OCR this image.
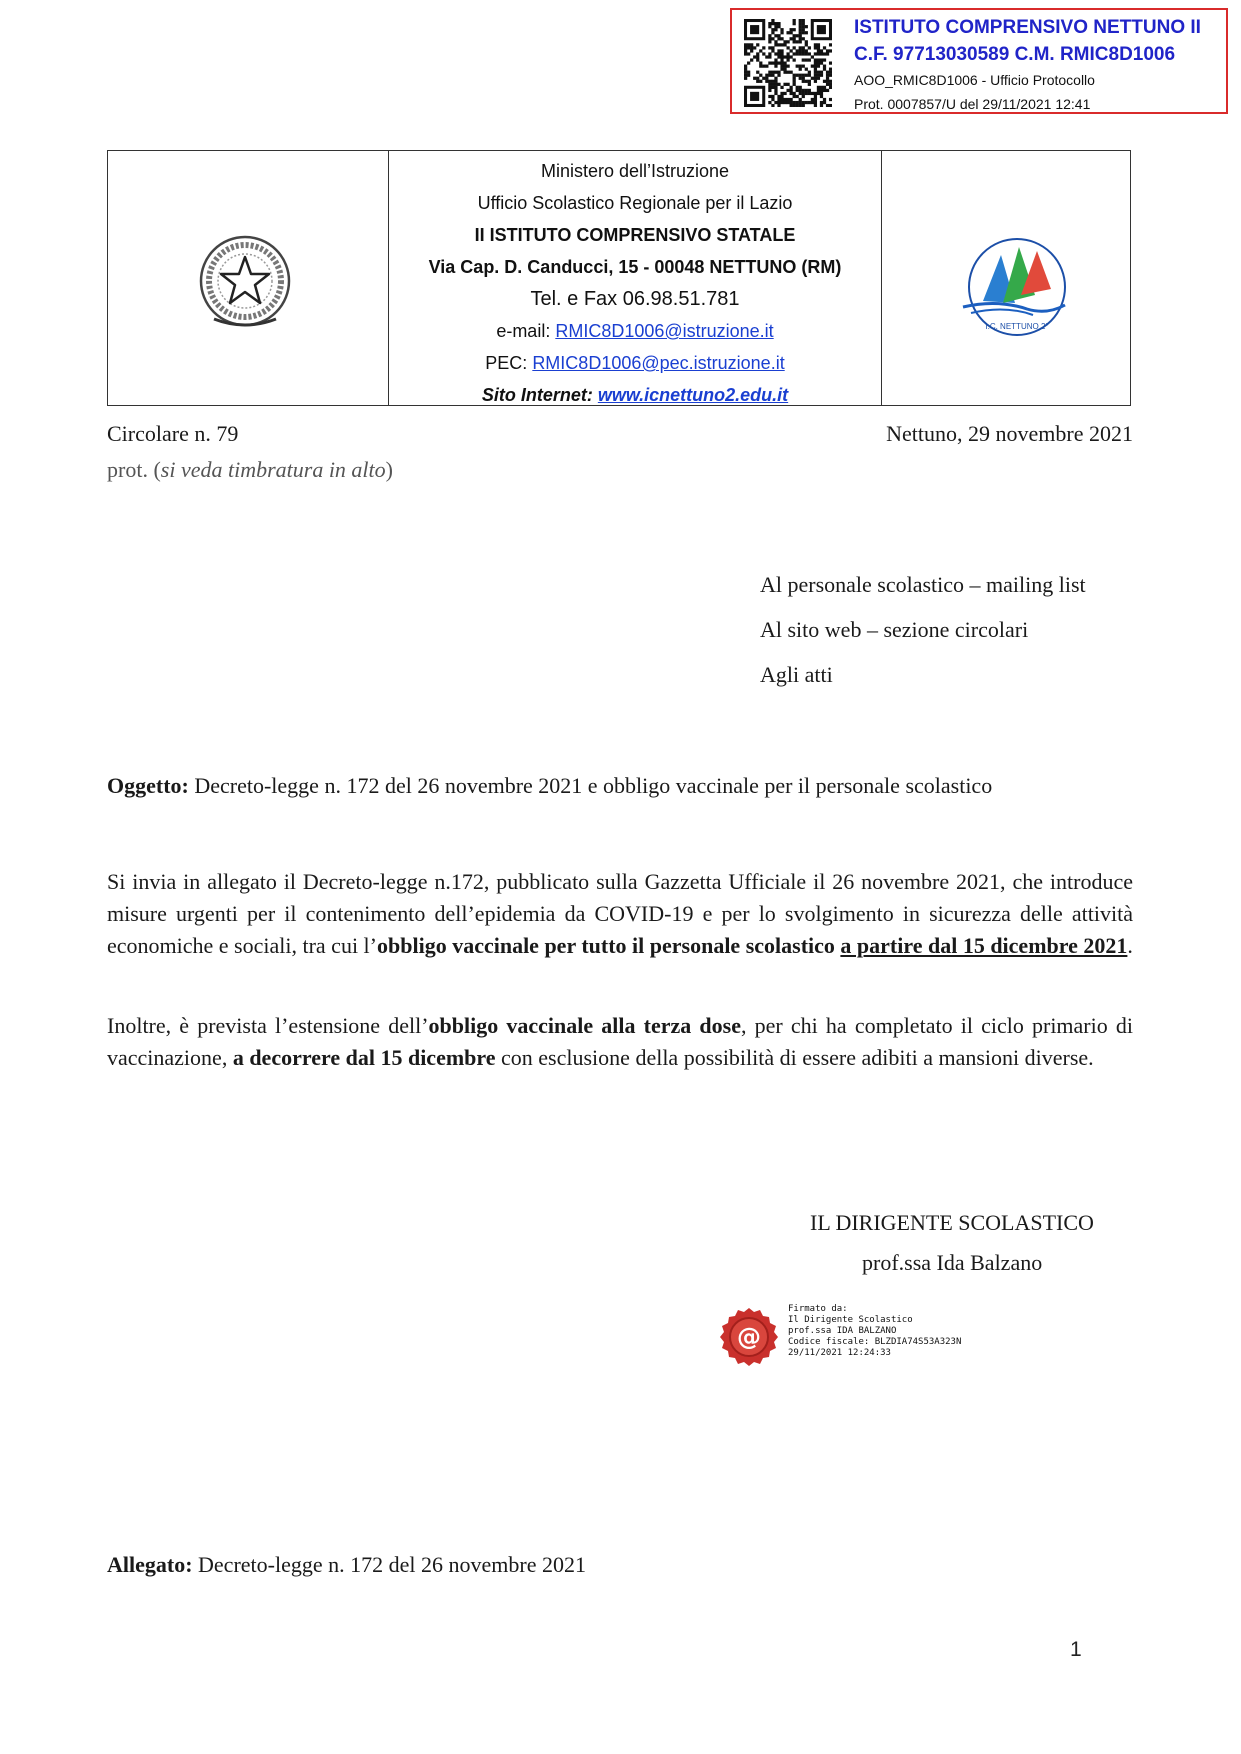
ISTITUTO COMPRENSIVO NETTUNO II
C.F. 97713030589 C.M. RMIC8D1006
AOO_RMIC8D1006 - Ufficio Protocollo
Prot. 0007857/U del 29/11/2021 12:41
Ministero dell’Istruzione
Ufficio Scolastico Regionale per il Lazio
II ISTITUTO COMPRENSIVO STATALE
Via Cap. D. Canducci, 15 - 00048 NETTUNO (RM)
Tel. e Fax 06.98.51.781
e-mail: RMIC8D1006@istruzione.it
PEC: RMIC8D1006@pec.istruzione.it
Sito Internet: www.icnettuno2.edu.it
I.C. NETTUNO 2°
Circolare n. 79	Nettuno, 29 novembre 2021
prot. (si veda timbratura in alto)
Al personale scolastico – mailing list
Al sito web – sezione circolari
Agli atti
Oggetto: Decreto-legge n. 172 del 26 novembre 2021 e obbligo vaccinale per il personale scolastico
Si invia in allegato il Decreto-legge n.172, pubblicato sulla Gazzetta Ufficiale il 26 novembre 2021, che introduce misure urgenti per il contenimento dell’epidemia da COVID-19 e per lo svolgimento in sicurezza delle attività economiche e sociali, tra cui l’obbligo vaccinale per tutto il personale scolastico a partire dal 15 dicembre 2021.
Inoltre, è prevista l’estensione dell’obbligo vaccinale alla terza dose, per chi ha completato il ciclo primario di vaccinazione, a decorrere dal 15 dicembre con esclusione della possibilità di essere adibiti a mansioni diverse.
IL DIRIGENTE SCOLASTICO
prof.ssa Ida Balzano
@
Firmato da:
Il Dirigente Scolastico
prof.ssa IDA BALZANO
Codice fiscale: BLZDIA74S53A323N
29/11/2021 12:24:33
Allegato: Decreto-legge n. 172 del 26 novembre 2021
1
